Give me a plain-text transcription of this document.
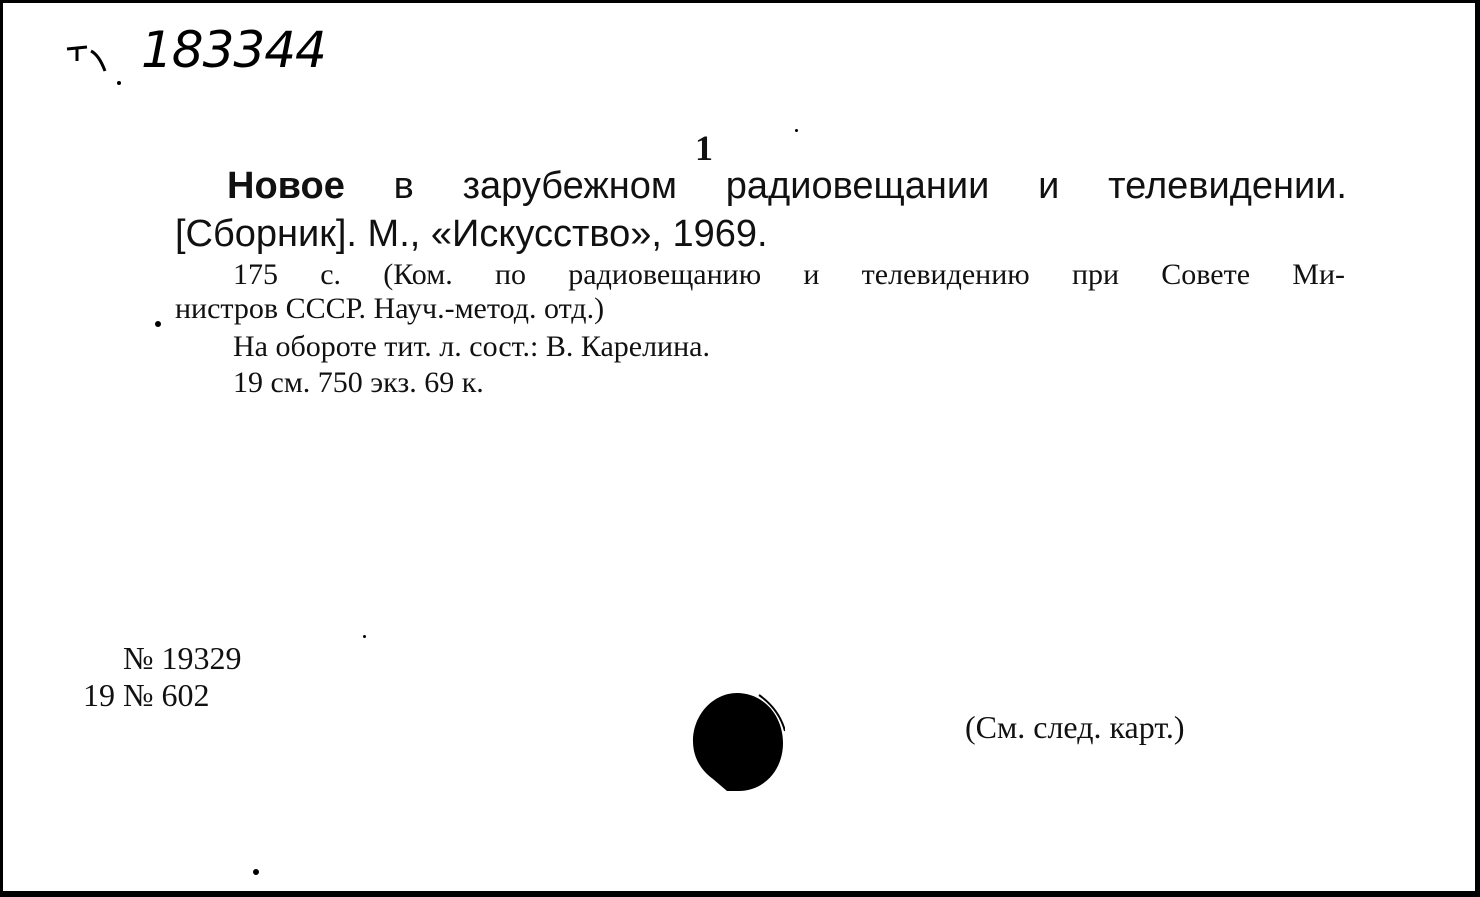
183344
1
Новое в зарубежном радиовещании и телевидении.
[Сборник]. М., «Искусство», 1969.
175 с. (Ком. по радиовещанию и телевидению при Совете Ми-
нистров СССР. Науч.-метод. отд.)
На обороте тит. л. сост.: В. Карелина.
19 см. 750 экз. 69 к.
№ 19329
19 № 602
(См. след. карт.)
